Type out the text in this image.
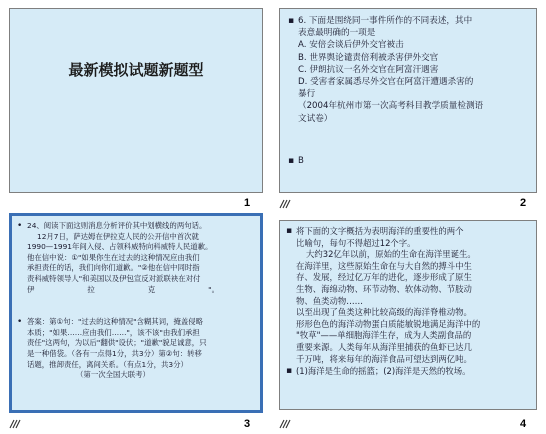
最新模拟试题新题型
1
▪ 6. 下面是围绕同一事件所作的不同表述，其中
表意最明确的一项是
A. 安倍会谈后伊外交官被击
B. 世界舆论谴责倍利被杀害伊外交官
C. 伊朗抗议一名外交官在阿富汗遇害
D. 受害者家属悉尽外交官在阿富汗遭遇杀害的
暴行
（2004年杭州市第一次高考科目教学质量检测语
文试卷）
▪ B
2
• 24、阅读下面这则消息分析评价其中划横线的两句话。
12月7日，萨达姆在伊拉克人民的公开信中首次就
1990—1991年间入侵、占领科威特向科威特人民道歉。
他在信中说：①"如果你生在过去的这种情况应由我们
承担责任的话，我们向你们道歉。"②他在信中同时指
责科威特领导人"和美国以及伊包宣反对派联袂在对付
伊	拉	克	"。
• 答案：第①句："过去的这种情况"含糊其词，掩盖侵略
本质；"如果……应由我们……"，该不该"由我们承担
责任"这两句，为以后"翻供"设伏；"道歉"貌足诚意，只
是一种借袋。（各有一点得1分，共3分）第②句：转移
话题，推卸责任，离间关系。（有点1分，共3分）
（第一次全国大联考）
3
▪ 将下面的文字概括为表明海洋的重要性的两个
比喻句，每句不得超过12个字。
大约32亿年以前，原始的生命在海洋里诞生。
在海洋里，这些原始生命在与大自然的搏斗中生
存、发展，经过亿万年的进化，逐步形成了原生
生物、海绵动物、环节动物、软体动物、节肢动
物、鱼类动物……
以至出现了鱼类这种比较高级的海洋脊椎动物。
形形色色的海洋动物蛋白质能敏锐地满足海洋中的
"牧草"——单细胞海洋生存，成为人类副食品的
重要来源。人类每年从海洋里捕获的鱼虾已达几
千万吨，将来每年的海洋食品可望达到两亿吨。
▪ (1)海洋是生命的摇篮；(2)海洋是天然的牧场。
4
